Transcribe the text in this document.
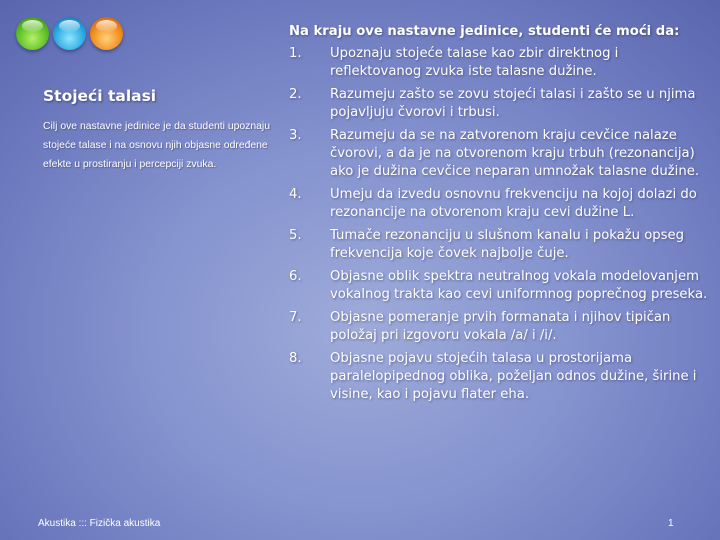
Stojeći talasi

Cilj ove nastavne jedinice je da studenti upoznaju stojeće talase i na osnovu njih objasne određene efekte u prostiranju i percepciji zvuka.

Na kraju ove nastavne jedinice, studenti će moći da:

1.	Upoznaju stojeće talase kao zbir direktnog i reflektovanog zvuka iste talasne dužine.
2.	Razumeju zašto se zovu stojeći talasi i zašto se u njima pojavljuju čvorovi i trbusi.
3.	Razumeju da se na zatvorenom kraju cevčice nalaze čvorovi, a da je na otvorenom kraju trbuh (rezonancija) ako je dužina cevčice neparan umnožak talasne dužine.
4.	Umeju da izvedu osnovnu frekvenciju na kojoj dolazi do rezonancije na otvorenom kraju cevi dužine L.
5.	Tumače rezonanciju u slušnom kanalu i pokažu opseg frekvencija koje čovek najbolje čuje.
6.	Objasne oblik spektra neutralnog vokala modelovanjem vokalnog trakta kao cevi uniformnog poprečnog preseka.
7.	Objasne pomeranje prvih formanata i njihov tipičan položaj pri izgovoru vokala /a/ i /i/.
8.	Objasne pojavu stojećih talasa u prostorijama paralelopipednog oblika, poželjan odnos dužine, širine i visine, kao i pojavu flater eha.

Akustika ::: Fizička akustika	1
